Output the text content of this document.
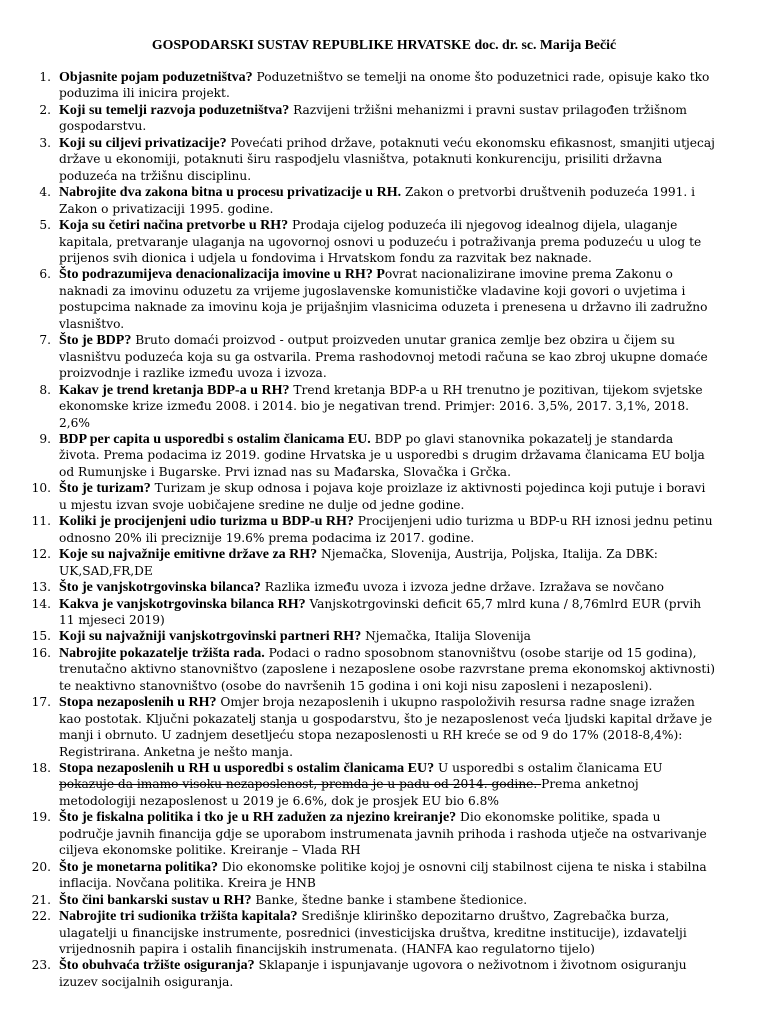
GOSPODARSKI SUSTAV REPUBLIKE HRVATSKE doc. dr. sc. Marija Bečić
1. Objasnite pojam poduzetništva? Poduzetništvo se temelji na onome što poduzetnici rade, opisuje kako tko poduzima ili inicira projekt.
2. Koji su temelji razvoja poduzetništva? Razvijeni tržišni mehanizmi i pravni sustav prilagođen tržišnom gospodarstvu.
3. Koji su ciljevi privatizacije? Povećati prihod države, potaknuti veću ekonomsku efikasnost, smanjiti utjecaj države u ekonomiji, potaknuti širu raspodjelu vlasništva, potaknuti konkurenciju, prisiliti državna poduzeća na tržišnu disciplinu.
4. Nabrojite dva zakona bitna u procesu privatizacije u RH. Zakon o pretvorbi društvenih poduzeća 1991. i Zakon o privatizaciji 1995. godine.
5. Koja su četiri načina pretvorbe u RH? Prodaja cijelog poduzeća ili njegovog idealnog dijela, ulaganje kapitala, pretvaranje ulaganja na ugovornoj osnovi u poduzeću i potraživanja prema poduzeću u ulog te prijenos svih dionica i udjela u fondovima i Hrvatskom fondu za razvitak bez naknade.
6. Što podrazumijeva denacionalizacija imovine u RH? Povrat nacionalizirane imovine prema Zakonu o naknadi za imovinu oduzetu za vrijeme jugoslavenske komunističke vladavine koji govori o uvjetima i postupcima naknade za imovinu koja je prijašnjim vlasnicima oduzeta i prenesena u državno ili zadružno vlasništvo.
7. Što je BDP? Bruto domaći proizvod - output proizveden unutar granica zemlje bez obzira u čijem su vlasništvu poduzeća koja su ga ostvarila. Prema rashodovnoj metodi računa se kao zbroj ukupne domaće proizvodnje i razlike između uvoza i izvoza.
8. Kakav je trend kretanja BDP-a u RH? Trend kretanja BDP-a u RH trenutno je pozitivan, tijekom svjetske ekonomske krize između 2008. i 2014. bio je negativan trend. Primjer: 2016. 3,5%, 2017. 3,1%, 2018. 2,6%
9. BDP per capita u usporedbi s ostalim članicama EU. BDP po glavi stanovnika pokazatelj je standarda života. Prema podacima iz 2019. godine Hrvatska je u usporedbi s drugim državama članicama EU bolja od Rumunjske i Bugarske. Prvi iznad nas su Mađarska, Slovačka i Grčka.
10. Što je turizam? Turizam je skup odnosa i pojava koje proizlaze iz aktivnosti pojedinca koji putuje i boravi u mjestu izvan svoje uobičajene sredine ne dulje od jedne godine.
11. Koliki je procijenjeni udio turizma u BDP-u RH? Procijenjeni udio turizma u BDP-u RH iznosi jednu petinu odnosno 20% ili preciznije 19.6% prema podacima iz 2017. godine.
12. Koje su najvažnije emitivne države za RH? Njemačka, Slovenija, Austrija, Poljska, Italija. Za DBK: UK,SAD,FR,DE
13. Što je vanjskotrgovinska bilanca? Razlika između uvoza i izvoza jedne države. Izražava se novčano
14. Kakva je vanjskotrgovinska bilanca RH? Vanjskotrgovinski deficit 65,7 mlrd kuna / 8,76mlrd EUR (prvih 11 mjeseci 2019)
15. Koji su najvažniji vanjskotrgovinski partneri RH? Njemačka, Italija Slovenija
16. Nabrojite pokazatelje tržišta rada. Podaci o radno sposobnom stanovništvu (osobe starije od 15 godina), trenutačno aktivno stanovništvo (zaposlene i nezaposlene osobe razvrstane prema ekonomskoj aktivnosti) te neaktivno stanovništvo (osobe do navršenih 15 godina i oni koji nisu zaposleni i nezaposleni).
17. Stopa nezaposlenih u RH? Omjer broja nezaposlenih i ukupno raspoloživih resursa radne snage izražen kao postotak. Ključni pokazatelj stanja u gospodarstvu, što je nezaposlenost veća ljudski kapital države je manji i obrnuto. U zadnjem desetljeću stopa nezaposlenosti u RH kreće se od 9 do 17% (2018-8,4%): Registrirana. Anketna je nešto manja.
18. Stopa nezaposlenih u RH u usporedbi s ostalim članicama EU? U usporedbi s ostalim članicama EU pokazuje da imamo visoku nezaposlenost, premda je u padu od 2014. godine. Prema anketnoj metodologiji nezaposlenost u 2019 je 6.6%, dok je prosjek EU bio 6.8%
19. Što je fiskalna politika i tko je u RH zadužen za njezino kreiranje? Dio ekonomske politike, spada u područje javnih financija gdje se uporabom instrumenata javnih prihoda i rashoda utječe na ostvarivanje ciljeva ekonomske politike. Kreiranje – Vlada RH
20. Što je monetarna politika? Dio ekonomske politike kojoj je osnovni cilj stabilnost cijena te niska i stabilna inflacija. Novčana politika. Kreira je HNB
21. Što čini bankarski sustav u RH? Banke, štedne banke i stambene štedionice.
22. Nabrojite tri sudionika tržišta kapitala? Središnje klirinško depozitarno društvo, Zagrebačka burza, ulagatelji u financijske instrumente, posrednici (investicijska društva, kreditne institucije), izdavatelji vrijednosnih papira i ostalih financijskih instrumenata. (HANFA kao regulatorno tijelo)
23. Što obuhvaća tržište osiguranja? Sklapanje i ispunjavanje ugovora o neživotnom i životnom osiguranju izuzev socijalnih osiguranja.
